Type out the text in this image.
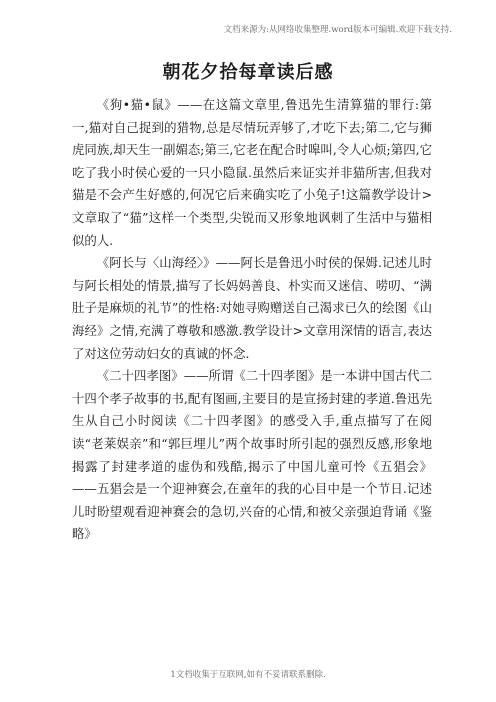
文档来源为:从网络收集整理.word版本可编辑.欢迎下载支持.
朝花夕拾每章读后感

《狗•猫•鼠》——在这篇文章里,鲁迅先生清算猫的罪行:第一,猫对自己捉到的猎物,总是尽情玩弄够了,才吃下去;第二,它与狮虎同族,却天生一副媚态;第三,它老在配合时嗥叫,令人心烦;第四,它吃了我小时侯心爱的一只小隐鼠.虽然后来证实并非猫所害,但我对猫是不会产生好感的,何况它后来确实吃了小兔子!这篇教学设计>文章取了“猫”这样一个类型,尖锐而又形象地讽刺了生活中与猫相似的人.

《阿长与〈山海经〉》——阿长是鲁迅小时侯的保姆.记述儿时与阿长相处的情景,描写了长妈妈善良、朴实而又迷信、唠叨、“满肚子是麻烦的礼节”的性格:对她寻购赠送自己渴求已久的绘图《山海经》之情,充满了尊敬和感激.教学设计>文章用深情的语言,表达了对这位劳动妇女的真诚的怀念.

《二十四孝图》——所谓《二十四孝图》是一本讲中国古代二十四个孝子故事的书,配有图画,主要目的是宣扬封建的孝道.鲁迅先生从自己小时阅读《二十四孝图》的感受入手,重点描写了在阅读“老莱娱亲”和“郭巨埋儿”两个故事时所引起的强烈反感,形象地揭露了封建孝道的虚伪和残酷,揭示了中国儿童可怜《五猖会》——五猖会是一个迎神赛会,在童年的我的心目中是一个节日.记述儿时盼望观看迎神赛会的急切,兴奋的心情,和被父亲强迫背诵《鉴略》

1文档收集于互联网,如有不妥请联系删除.
